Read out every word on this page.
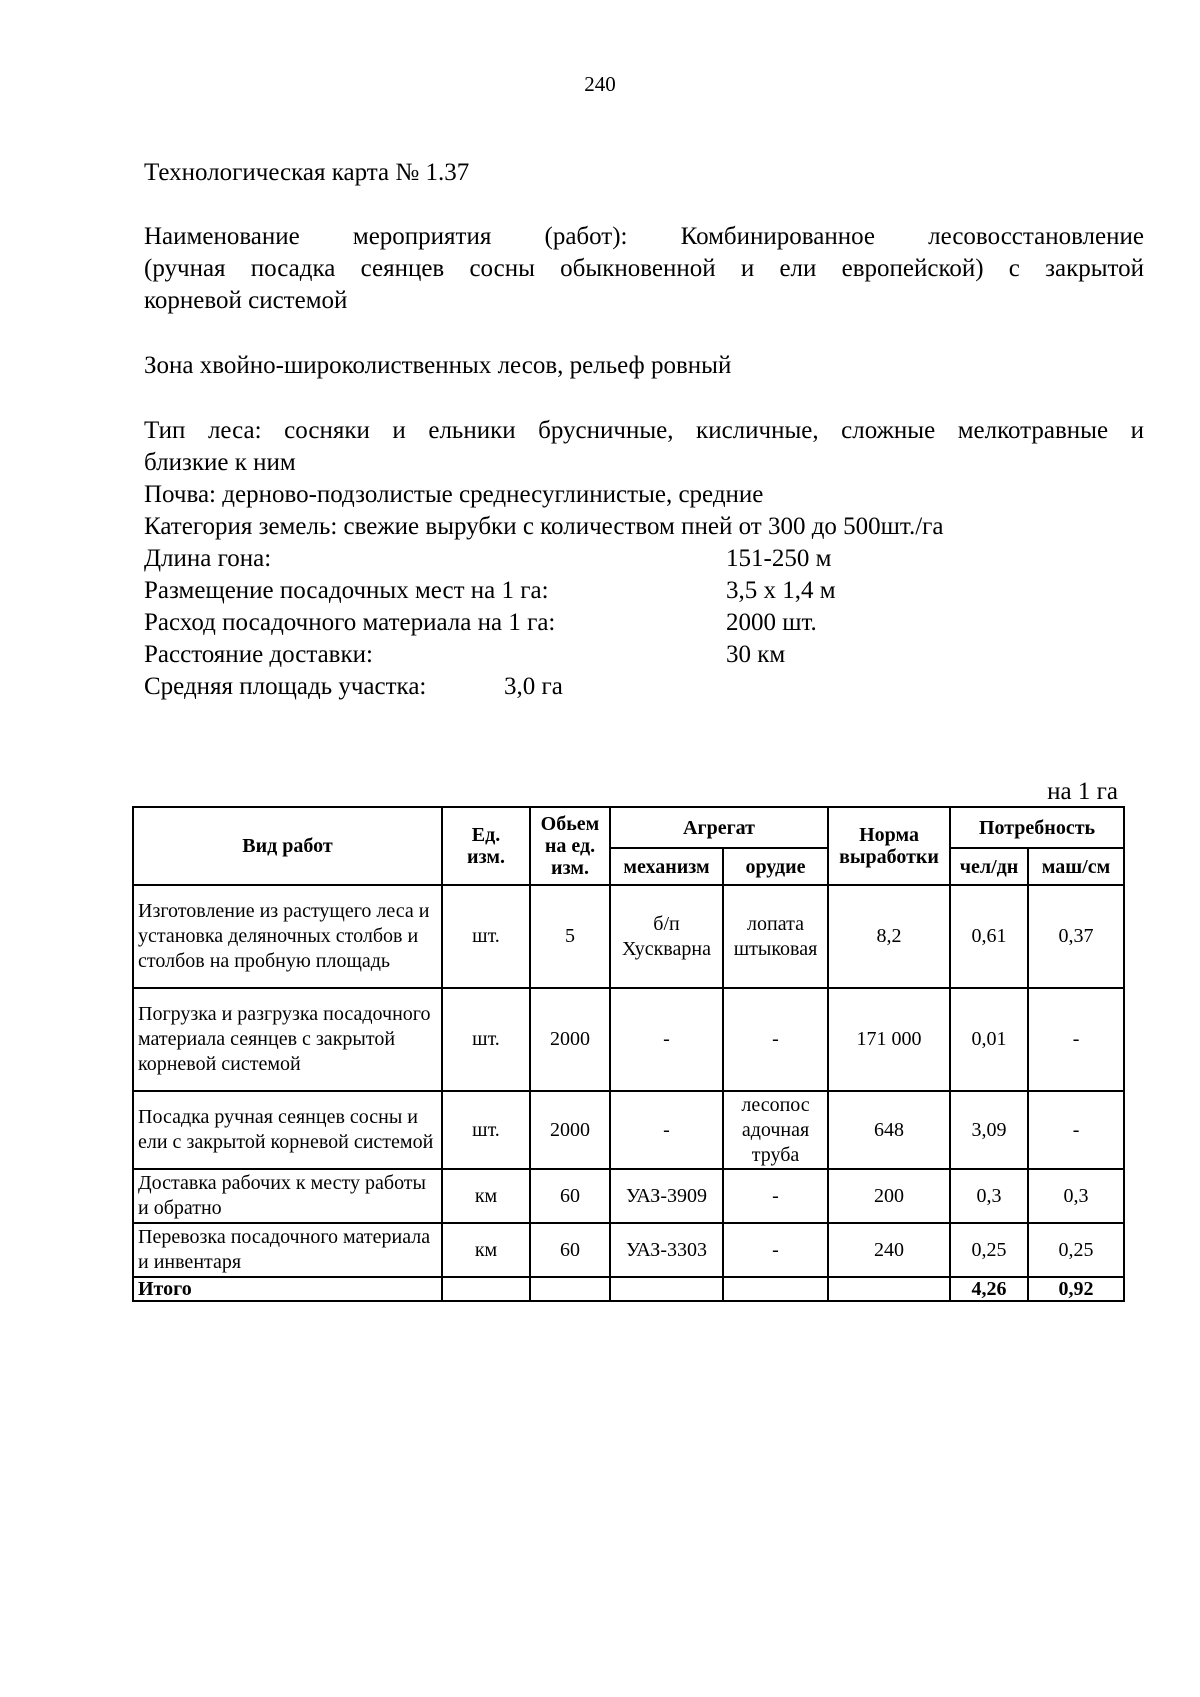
240
Технологическая карта № 1.37
Наименование мероприятия (работ): Комбинированное лесовосстановление
(ручная посадка сеянцев сосны обыкновенной и ели европейской) с закрытой
корневой системой
Зона хвойно-широколиственных лесов, рельеф ровный
Тип леса: сосняки и ельники брусничные, кисличные, сложные мелкотравные и
близкие к ним
Почва: дерново-подзолистые среднесуглинистые, средние
Категория земель: свежие вырубки с количеством пней от 300 до 500шт./га
Длина гона:	151-250 м
Размещение посадочных мест на 1 га:	3,5 х 1,4 м
Расход посадочного материала на 1 га:	2000 шт.
Расстояние доставки:	30 км
Средняя площадь участка:	3,0 га
на 1 га
Вид работ	Ед. изм.	Обьем на ед. изм.	Агрегат		Норма выработки	Потребность	
			механизм	орудие		чел/дн	маш/см
Изготовление из растущего леса и установка деляночных столбов и столбов на пробную площадь	шт.	5	б/п Хускварна	лопата штыковая	8,2	0,61	0,37
Погрузка и разгрузка посадочного материала сеянцев с закрытой корневой системой	шт.	2000	-	-	171 000	0,01	-
Посадка ручная сеянцев сосны и ели с закрытой корневой системой	шт.	2000	-	лесопос адочная труба	648	3,09	-
Доставка рабочих к месту работы и обратно	км	60	УАЗ-3909	-	200	0,3	0,3
Перевозка посадочного материала и инвентаря	км	60	УАЗ-3303	-	240	0,25	0,25
Итого						4,26	0,92
